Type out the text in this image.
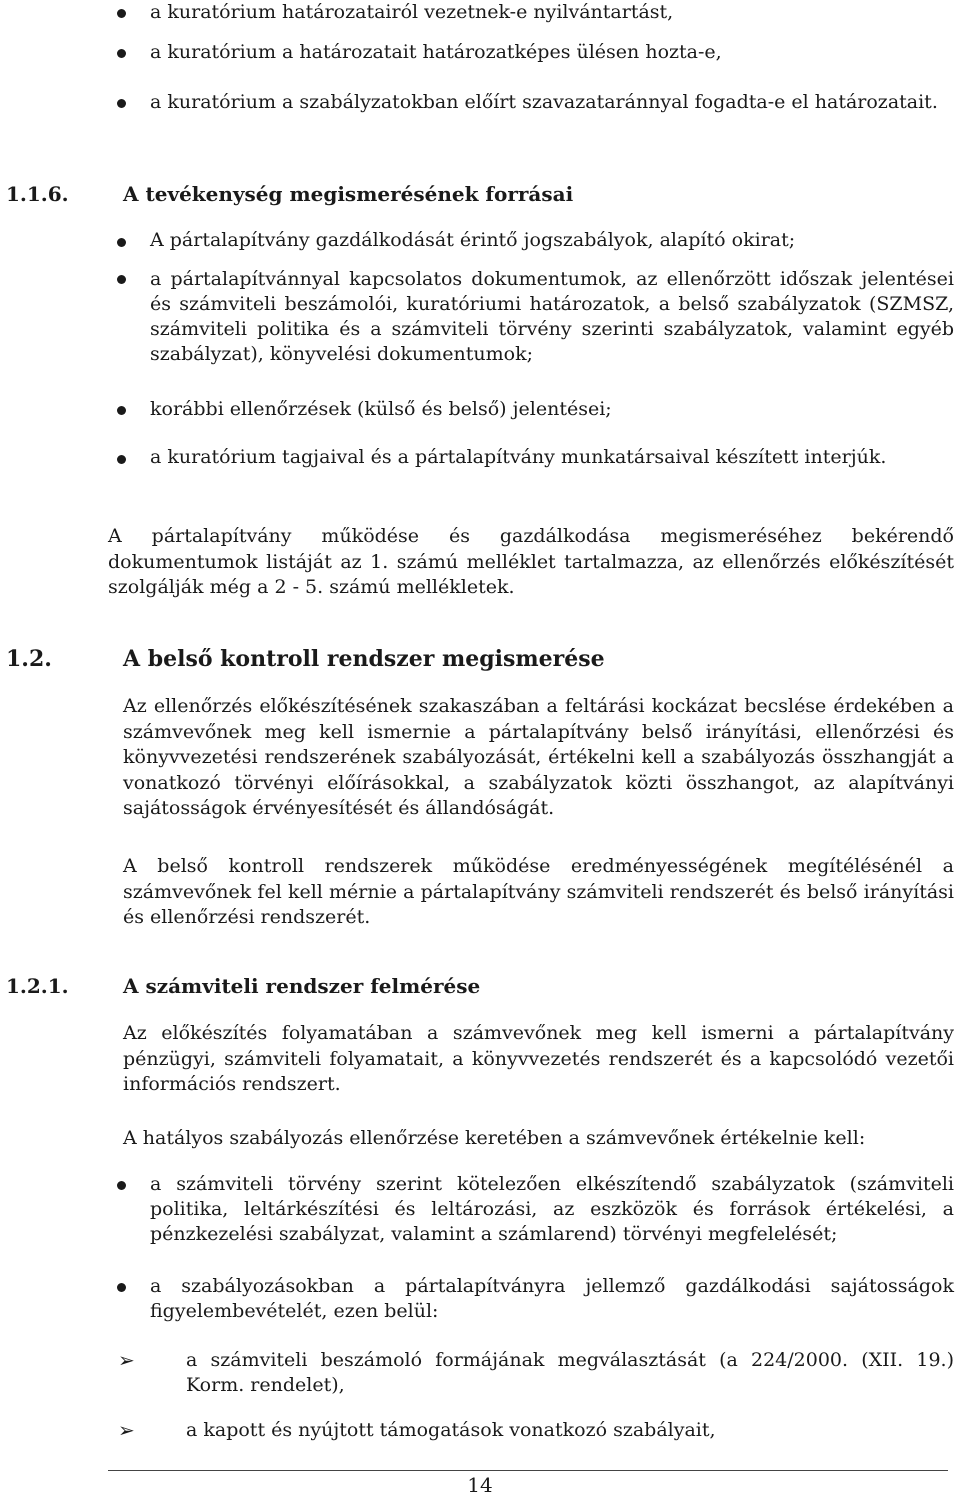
a kuratórium határozatairól vezetnek-e nyilvántartást,
a kuratórium a határozatait határozatképes ülésen hozta-e,
a kuratórium a szabályzatokban előírt szavazataránnyal fogadta-e el határozatait.
1.1.6.	A tevékenység megismerésének forrásai
A pártalapítvány gazdálkodását érintő jogszabályok, alapító okirat;
a pártalapítvánnyal kapcsolatos dokumentumok, az ellenőrzött időszak jelentései és számviteli beszámolói, kuratóriumi határozatok, a belső szabályzatok (SZMSZ, számviteli politika és a számviteli törvény szerinti szabályzatok, valamint egyéb szabályzat), könyvelési dokumentumok;
korábbi ellenőrzések (külső és belső) jelentései;
a kuratórium tagjaival és a pártalapítvány munkatársaival készített interjúk.
A pártalapítvány működése és gazdálkodása megismeréséhez bekérendő dokumentumok listáját az 1. számú melléklet tartalmazza, az ellenőrzés előkészítését szolgálják még a 2 - 5. számú mellékletek.
1.2.	A belső kontroll rendszer megismerése
Az ellenőrzés előkészítésének szakaszában a feltárási kockázat becslése érdekében a számvevőnek meg kell ismernie a pártalapítvány belső irányítási, ellenőrzési és könyvvezetési rendszerének szabályozását, értékelni kell a szabályozás összhangját a vonatkozó törvényi előírásokkal, a szabályzatok közti összhangot, az alapítványi sajátosságok érvényesítését és állandóságát.
A belső kontroll rendszerek működése eredményességének megítélésénél a számvevőnek fel kell mérnie a pártalapítvány számviteli rendszerét és belső irányítási és ellenőrzési rendszerét.
1.2.1.	A számviteli rendszer felmérése
Az előkészítés folyamatában a számvevőnek meg kell ismerni a pártalapítvány pénzügyi, számviteli folyamatait, a könyvvezetés rendszerét és a kapcsolódó vezetői információs rendszert.
A hatályos szabályozás ellenőrzése keretében a számvevőnek értékelnie kell:
a számviteli törvény szerint kötelezően elkészítendő szabályzatok (számviteli politika, leltárkészítési és leltározási, az eszközök és források értékelési, a pénzkezelési szabályzat, valamint a számlarend) törvényi megfelelését;
a szabályozásokban a pártalapítványra jellemző gazdálkodási sajátosságok figyelembevételét, ezen belül:
➢	a számviteli beszámoló formájának megválasztását (a 224/2000. (XII. 19.) Korm. rendelet),
➢	a kapott és nyújtott támogatások vonatkozó szabályait,
14
